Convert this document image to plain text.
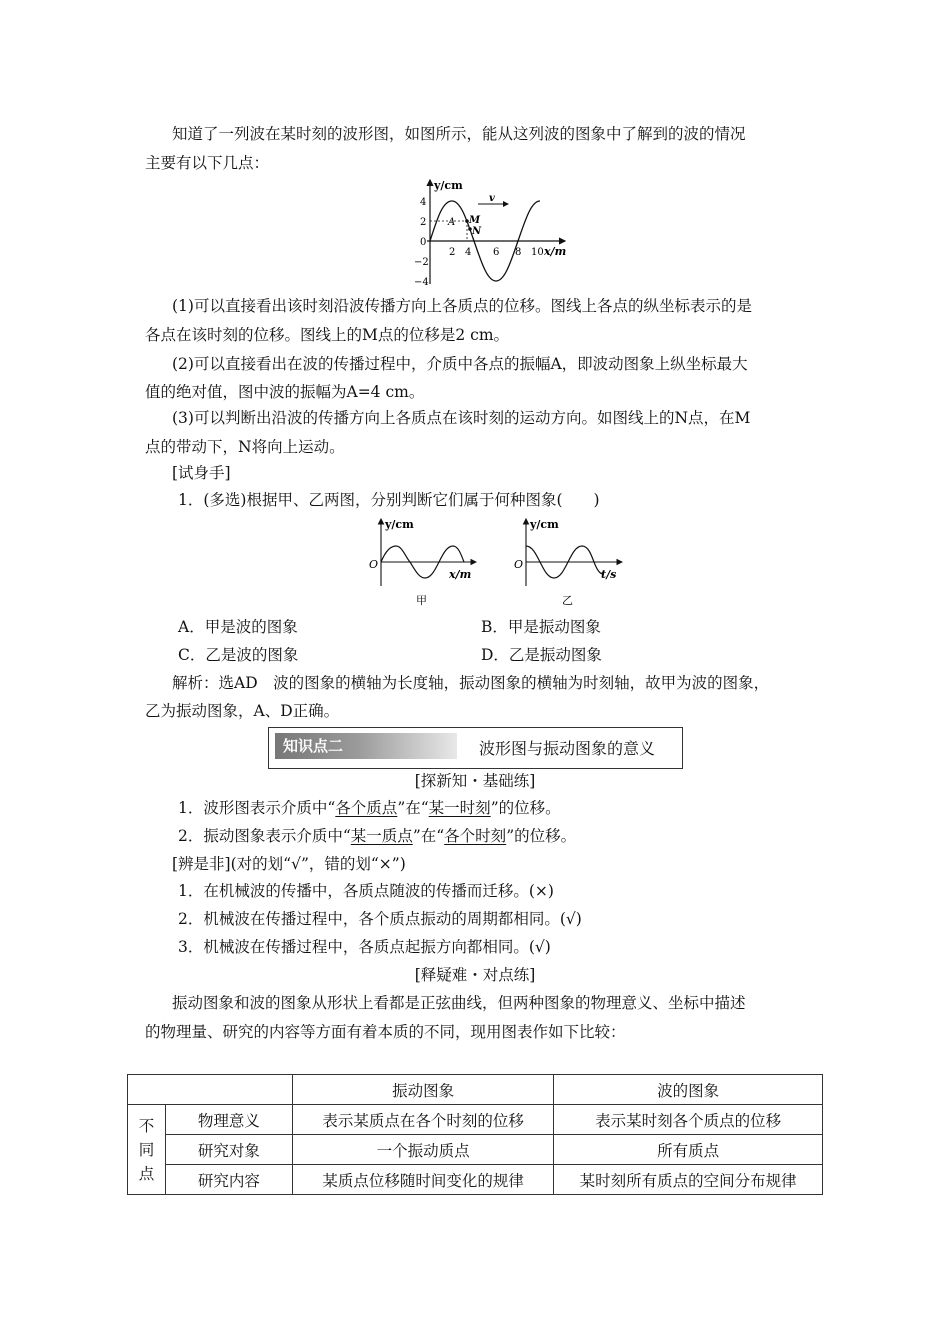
知道了一列波在某时刻的波形图，如图所示，能从这列波的图象中了解到的波的情况
主要有以下几点：
v
A M
N
y/cm
x/m
4
2
0
−2
−4
2 4 6 8 10
(1)可以直接看出该时刻沿波传播方向上各质点的位移。图线上各点的纵坐标表示的是
各点在该时刻的位移。图线上的M点的位移是2 cm。
(2)可以直接看出在波的传播过程中，介质中各点的振幅A，即波动图象上纵坐标最大
值的绝对值，图中波的振幅为A=4 cm。
(3)可以判断出沿波的传播方向上各质点在该时刻的运动方向。如图线上的N点，在M
点的带动下，N将向上运动。
[试身手]
1．(多选)根据甲、乙两图，分别判断它们属于何种图象(　　)
y/cm
O
x/m
甲
y/cm
O
t/s
乙
A．甲是波的图象	B．甲是振动图象
C．乙是波的图象	D．乙是振动图象
解析：选AD　波的图象的横轴为长度轴，振动图象的横轴为时刻轴，故甲为波的图象，
乙为振动图象，A、D正确。
知识点二	波形图与振动图象的意义
[探新知・基础练]
1．波形图表示介质中“各个质点”在“某一时刻”的位移。
2．振动图象表示介质中“某一质点”在“各个时刻”的位移。
[辨是非](对的划“√”，错的划“×”)
1．在机械波的传播中，各质点随波的传播而迁移。(×)
2．机械波在传播过程中，各个质点振动的周期都相同。(√)
3．机械波在传播过程中，各质点起振方向都相同。(√)
[释疑难・对点练]
振动图象和波的图象从形状上看都是正弦曲线，但两种图象的物理意义、坐标中描述
的物理量、研究的内容等方面有着本质的不同，现用图表作如下比较：
		振动图象	波的图象
不
同
点	物理意义	表示某质点在各个时刻的位移	表示某时刻各个质点的位移
	研究对象	一个振动质点	所有质点
	研究内容	某质点位移随时间变化的规律	某时刻所有质点的空间分布规律
